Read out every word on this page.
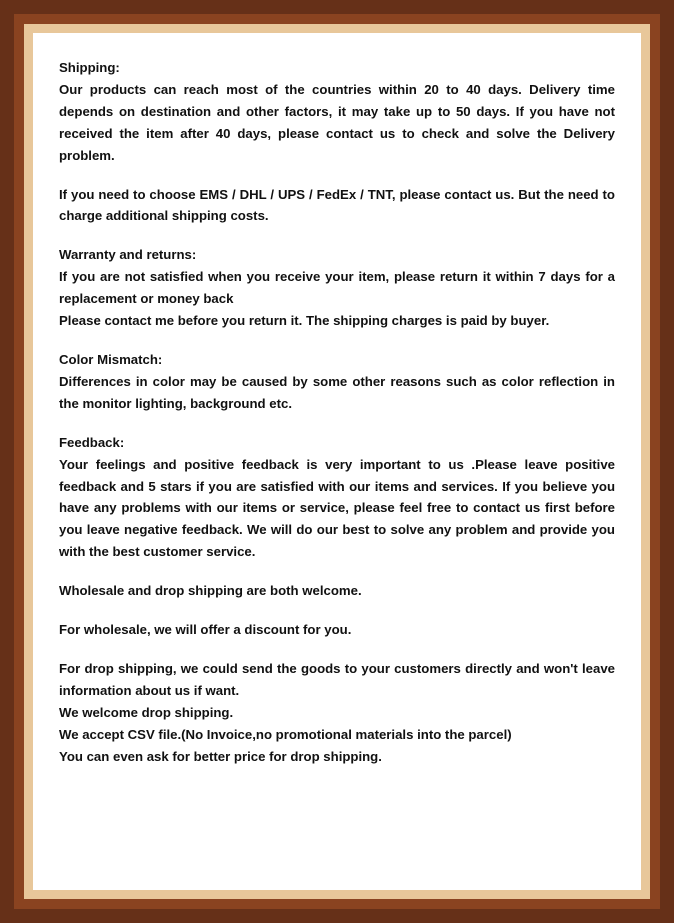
Shipping:
Our products can reach most of the countries within 20 to 40 days. Delivery time depends on destination and other factors, it may take up to 50 days. If you have not received the item after 40 days, please contact us to check and solve the Delivery problem.
If you need to choose EMS / DHL / UPS / FedEx / TNT, please contact us. But the need to charge additional shipping costs.
Warranty and returns:
If you are not satisfied when you receive your item, please return it within 7 days for a replacement or money back
Please contact me before you return it. The shipping charges is paid by buyer.
Color Mismatch:
Differences in color may be caused by some other reasons such as color reflection in the monitor lighting, background etc.
Feedback:
Your feelings and positive feedback is very important to us .Please leave positive feedback and 5 stars if you are satisfied with our items and services. If you believe you have any problems with our items or service, please feel free to contact us first before you leave negative feedback. We will do our best to solve any problem and provide you with the best customer service.
Wholesale and drop shipping are both welcome.
For wholesale, we will offer a discount for you.
For drop shipping, we could send the goods to your customers directly and won't leave information about us if want.
We welcome drop shipping.
We accept CSV file.(No Invoice,no promotional materials into the parcel)
You can even ask for better price for drop shipping.
